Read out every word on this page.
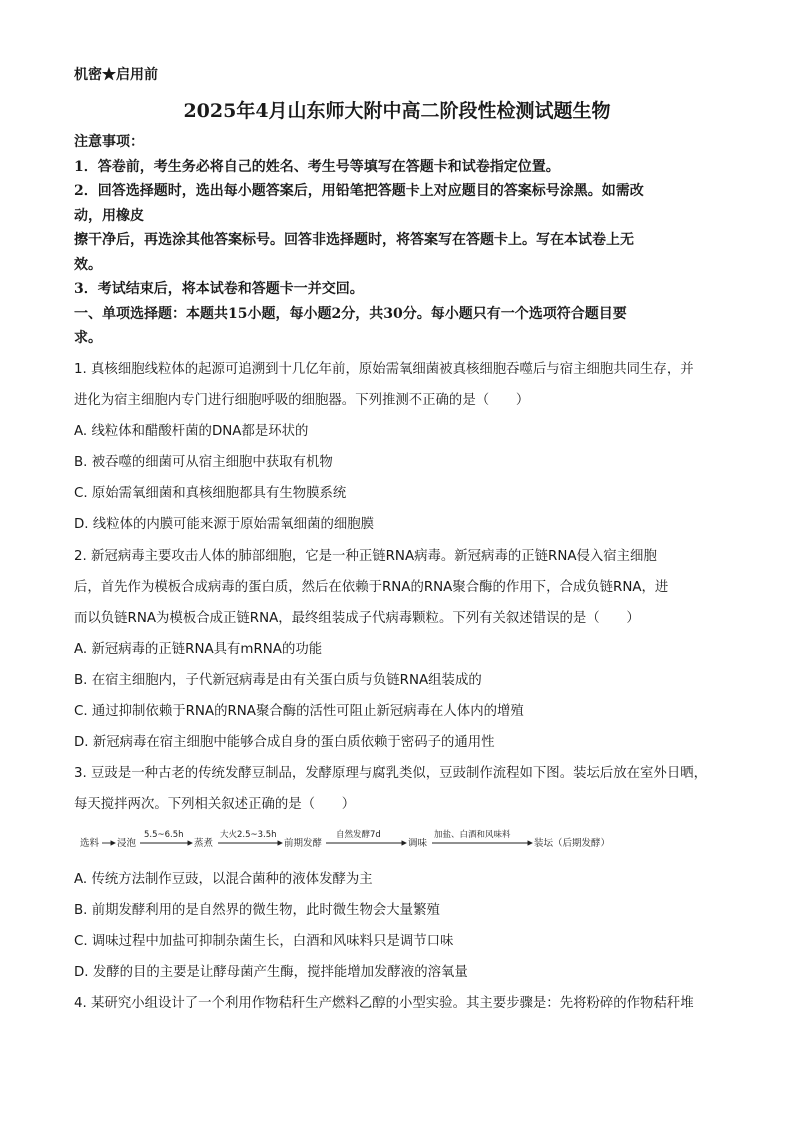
机密★启用前
2025年4月山东师大附中高二阶段性检测试题生物

注意事项：

1．答卷前，考生务必将自己的姓名、考生号等填写在答题卡和试卷指定位置。

2．回答选择题时，选出每小题答案后，用铅笔把答题卡上对应题目的答案标号涂黑。如需改

动，用橡皮

擦干净后，再选涂其他答案标号。回答非选择题时，将答案写在答题卡上。写在本试卷上无

效。

3．考试结束后，将本试卷和答题卡一并交回。

一、单项选择题：本题共15小题，每小题2分，共30分。每小题只有一个选项符合题目要

求。

1. 真核细胞线粒体的起源可追溯到十几亿年前，原始需氧细菌被真核细胞吞噬后与宿主细胞共同生存，并

进化为宿主细胞内专门进行细胞呼吸的细胞器。下列推测不正确的是（　　）

A. 线粒体和醋酸杆菌的DNA都是环状的

B. 被吞噬的细菌可从宿主细胞中获取有机物

C. 原始需氧细菌和真核细胞都具有生物膜系统

D. 线粒体的内膜可能来源于原始需氧细菌的细胞膜

2. 新冠病毒主要攻击人体的肺部细胞，它是一种正链RNA病毒。新冠病毒的正链RNA侵入宿主细胞

后，首先作为模板合成病毒的蛋白质，然后在依赖于RNA的RNA聚合酶的作用下，合成负链RNA，进

而以负链RNA为模板合成正链RNA，最终组装成子代病毒颗粒。下列有关叙述错误的是（　　）

A. 新冠病毒的正链RNA具有mRNA的功能

B. 在宿主细胞内，子代新冠病毒是由有关蛋白质与负链RNA组装成的

C. 通过抑制依赖于RNA的RNA聚合酶的活性可阻止新冠病毒在人体内的增殖

D. 新冠病毒在宿主细胞中能够合成自身的蛋白质依赖于密码子的通用性

3. 豆豉是一种古老的传统发酵豆制品，发酵原理与腐乳类似，豆豉制作流程如下图。装坛后放在室外日晒，

每天搅拌两次。下列相关叙述正确的是（　　）

选料 浸泡
5.5~6.5h
蒸煮
大火2.5~3.5h
前期发酵
自然发酵7d
调味
加盐、白酒和风味料
装坛（后期发酵）

A. 传统方法制作豆豉，以混合菌种的液体发酵为主

B. 前期发酵利用的是自然界的微生物，此时微生物会大量繁殖

C. 调味过程中加盐可抑制杂菌生长，白酒和风味料只是调节口味

D. 发酵的目的主要是让酵母菌产生酶，搅拌能增加发酵液的溶氧量

4. 某研究小组设计了一个利用作物秸秆生产燃料乙醇的小型实验。其主要步骤是：先将粉碎的作物秸秆堆
